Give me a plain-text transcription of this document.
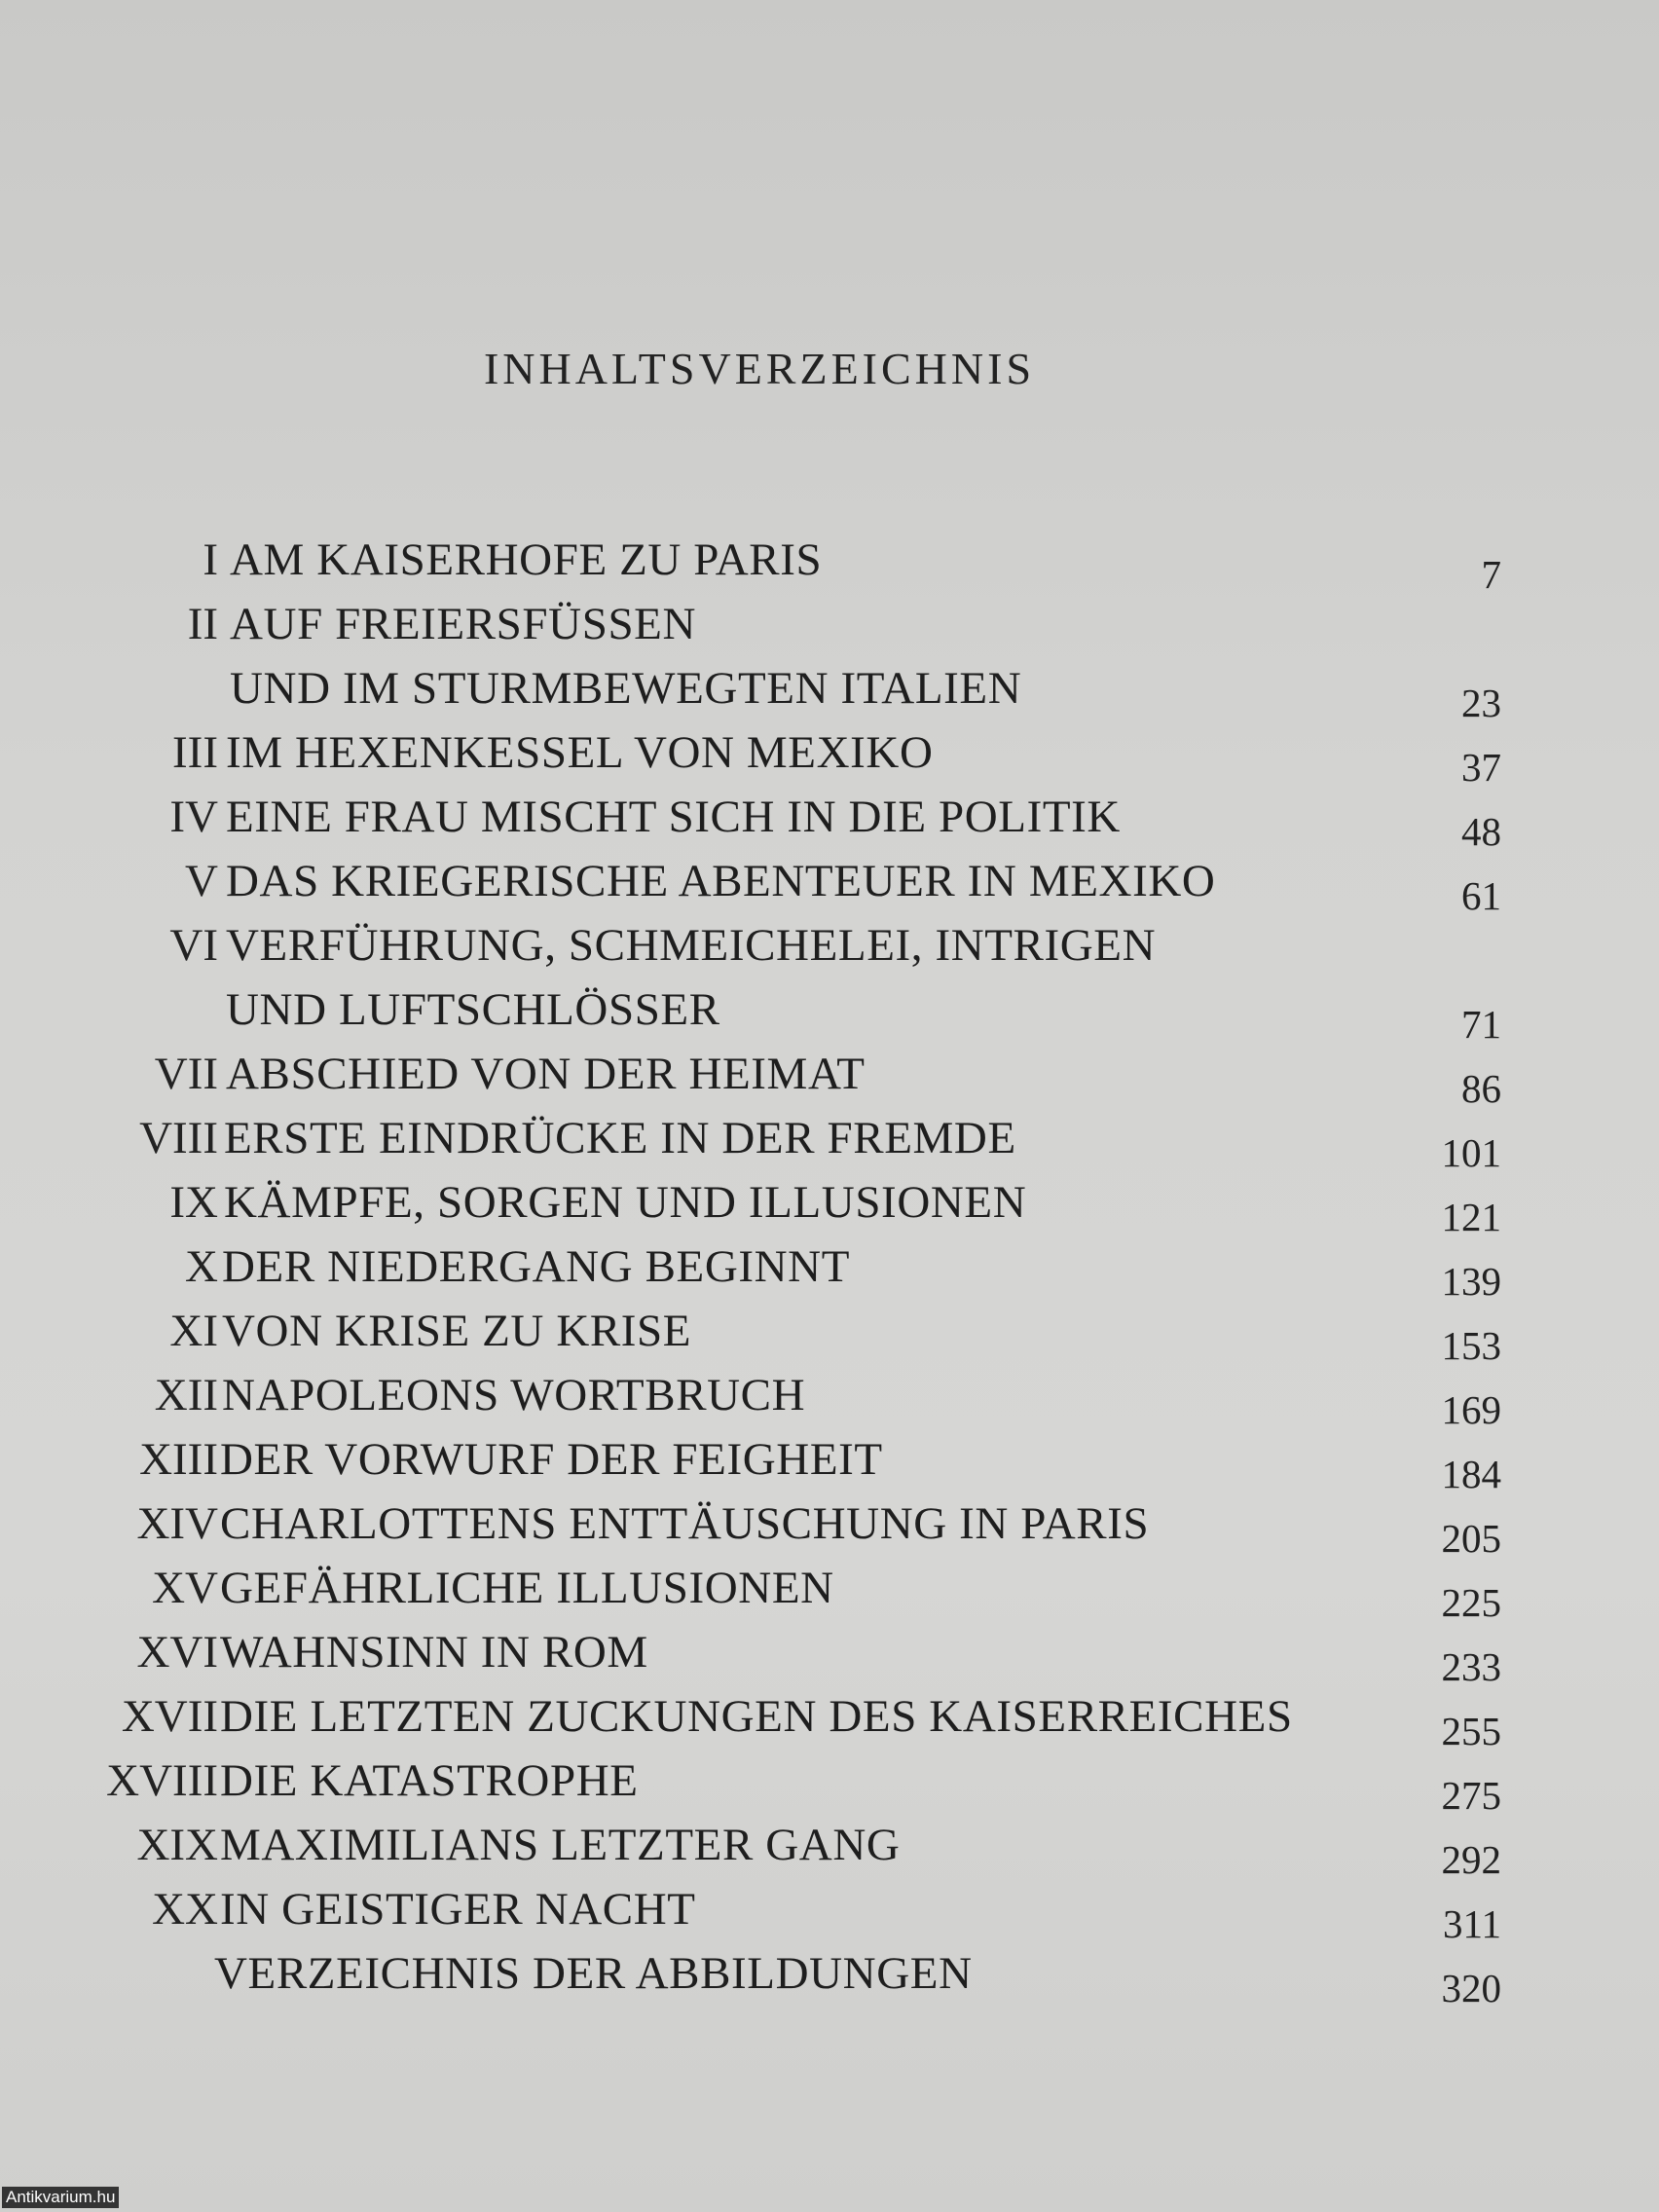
INHALTSVERZEICHNIS
I AM KAISERHOFE ZU PARIS	7
II AUF FREIERSFÜSSEN
UND IM STURMBEWEGTEN ITALIEN	23
III IM HEXENKESSEL VON MEXIKO	37
IV EINE FRAU MISCHT SICH IN DIE POLITIK	48
V DAS KRIEGERISCHE ABENTEUER IN MEXIKO	61
VI VERFÜHRUNG, SCHMEICHELEI, INTRIGEN
UND LUFTSCHLÖSSER	71
VII ABSCHIED VON DER HEIMAT	86
VIII ERSTE EINDRÜCKE IN DER FREMDE	101
IX KÄMPFE, SORGEN UND ILLUSIONEN	121
X DER NIEDERGANG BEGINNT	139
XI VON KRISE ZU KRISE	153
XII NAPOLEONS WORTBRUCH	169
XIII DER VORWURF DER FEIGHEIT	184
XIV CHARLOTTENS ENTTÄUSCHUNG IN PARIS	205
XV GEFÄHRLICHE ILLUSIONEN	225
XVI WAHNSINN IN ROM	233
XVII DIE LETZTEN ZUCKUNGEN DES KAISERREICHES	255
XVIII DIE KATASTROPHE	275
XIX MAXIMILIANS LETZTER GANG	292
XX IN GEISTIGER NACHT	311
VERZEICHNIS DER ABBILDUNGEN	320
Antikvarium.hu
